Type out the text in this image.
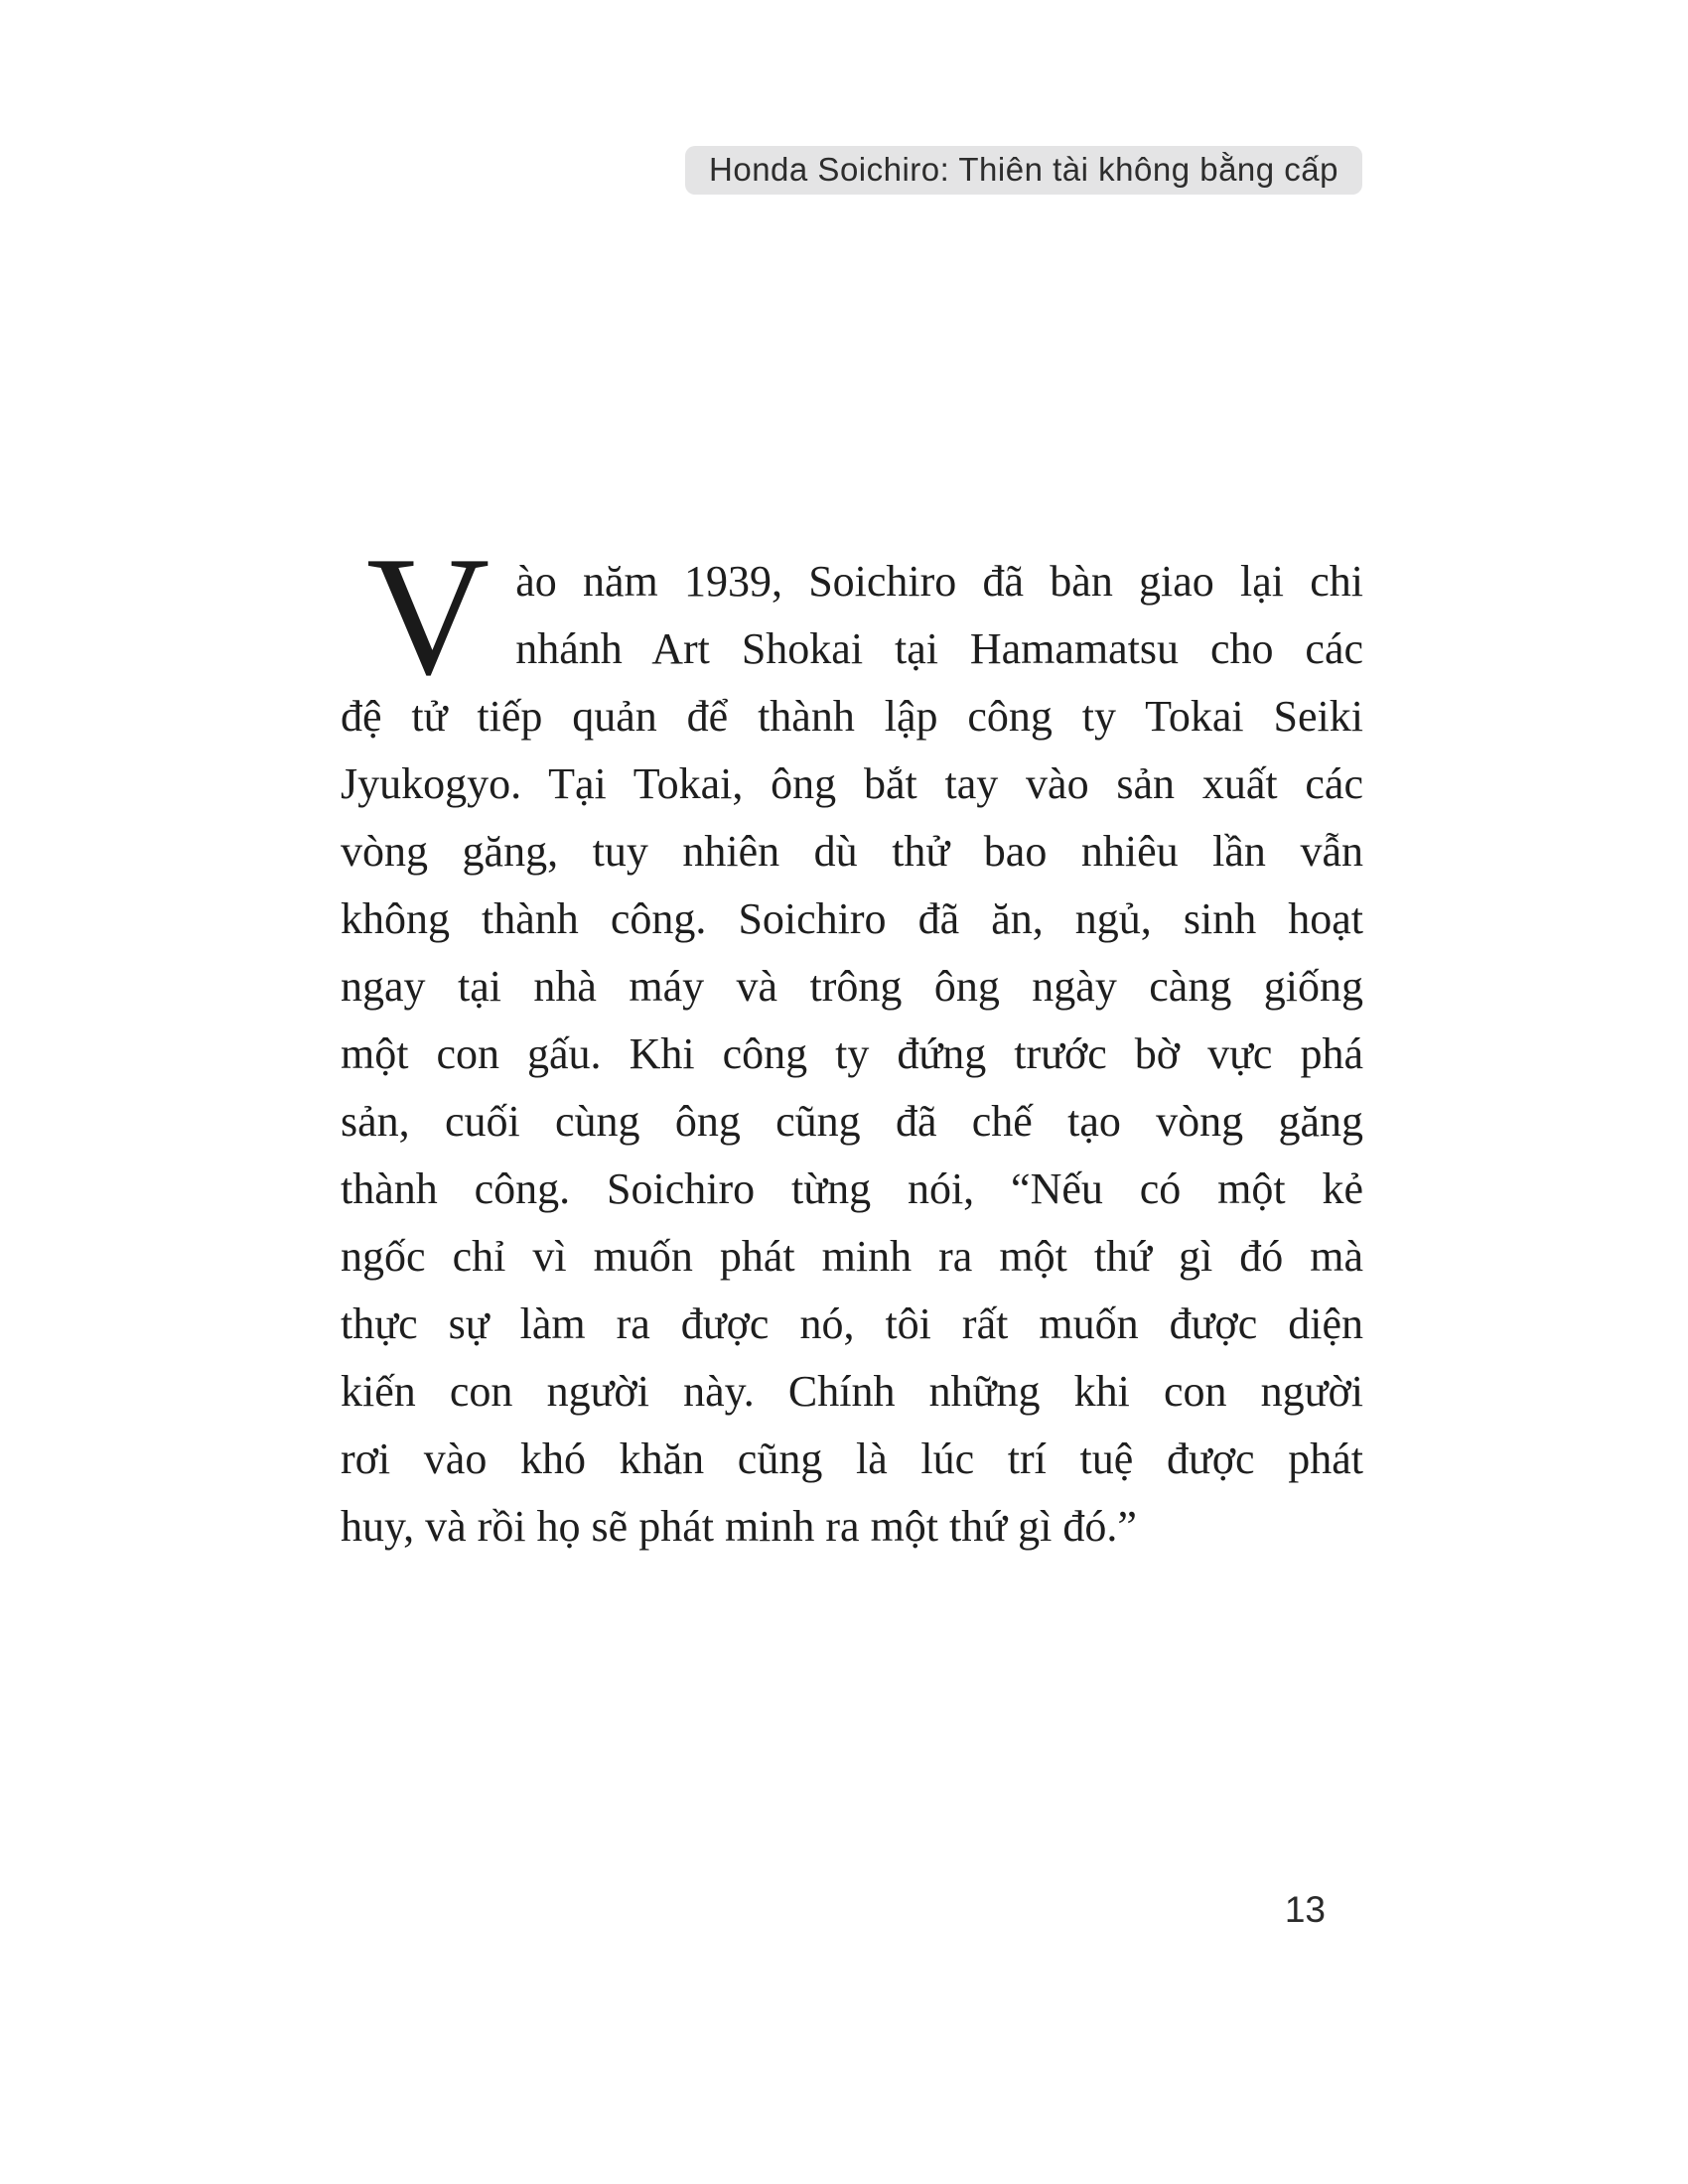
Honda Soichiro: Thiên tài không bằng cấp
V ào năm 1939, Soichiro đã bàn giao lại chi
nhánh Art Shokai tại Hamamatsu cho các
đệ tử tiếp quản để thành lập công ty Tokai Seiki
Jyukogyo. Tại Tokai, ông bắt tay vào sản xuất các
vòng găng, tuy nhiên dù thử bao nhiêu lần vẫn
không thành công. Soichiro đã ăn, ngủ, sinh hoạt
ngay tại nhà máy và trông ông ngày càng giống
một con gấu. Khi công ty đứng trước bờ vực phá
sản, cuối cùng ông cũng đã chế tạo vòng găng
thành công. Soichiro từng nói, “Nếu có một kẻ
ngốc chỉ vì muốn phát minh ra một thứ gì đó mà
thực sự làm ra được nó, tôi rất muốn được diện
kiến con người này. Chính những khi con người
rơi vào khó khăn cũng là lúc trí tuệ được phát
huy, và rồi họ sẽ phát minh ra một thứ gì đó.”
13
